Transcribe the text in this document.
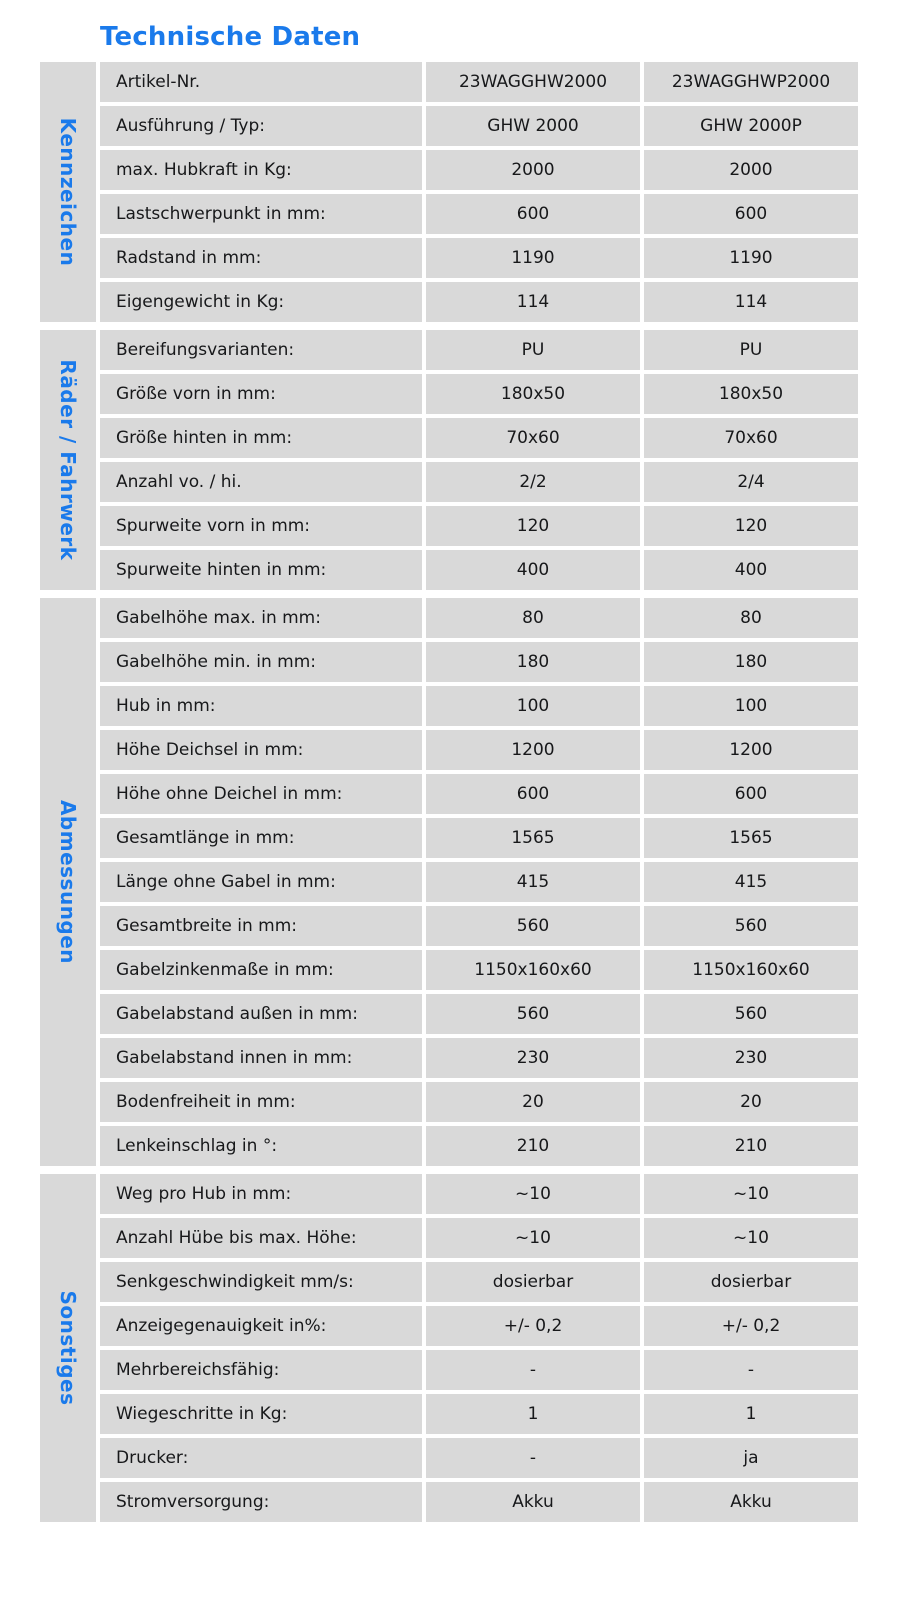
Technische Daten
Kennzeichen
Artikel-Nr.	23WAGGHW2000	23WAGGHWP2000
Ausführung / Typ:	GHW 2000	GHW 2000P
max. Hubkraft in Kg:	2000	2000
Lastschwerpunkt in mm:	600	600
Radstand in mm:	1190	1190
Eigengewicht in Kg:	114	114
Räder / Fahrwerk
Bereifungsvarianten:	PU	PU
Größe vorn in mm:	180x50	180x50
Größe hinten in mm:	70x60	70x60
Anzahl vo. / hi.	2/2	2/4
Spurweite vorn in mm:	120	120
Spurweite hinten in mm:	400	400
Abmessungen
Gabelhöhe max. in mm:	80	80
Gabelhöhe min. in mm:	180	180
Hub in mm:	100	100
Höhe Deichsel in mm:	1200	1200
Höhe ohne Deichel in mm:	600	600
Gesamtlänge in mm:	1565	1565
Länge ohne Gabel in mm:	415	415
Gesamtbreite in mm:	560	560
Gabelzinkenmaße in mm:	1150x160x60	1150x160x60
Gabelabstand außen in mm:	560	560
Gabelabstand innen in mm:	230	230
Bodenfreiheit in mm:	20	20
Lenkeinschlag in °:	210	210
Sonstiges
Weg pro Hub in mm:	~10	~10
Anzahl Hübe bis max. Höhe:	~10	~10
Senkgeschwindigkeit mm/s:	dosierbar	dosierbar
Anzeigegenauigkeit in%:	+/- 0,2	+/- 0,2
Mehrbereichsfähig:	-	-
Wiegeschritte in Kg:	1	1
Drucker:	-	ja
Stromversorgung:	Akku	Akku
